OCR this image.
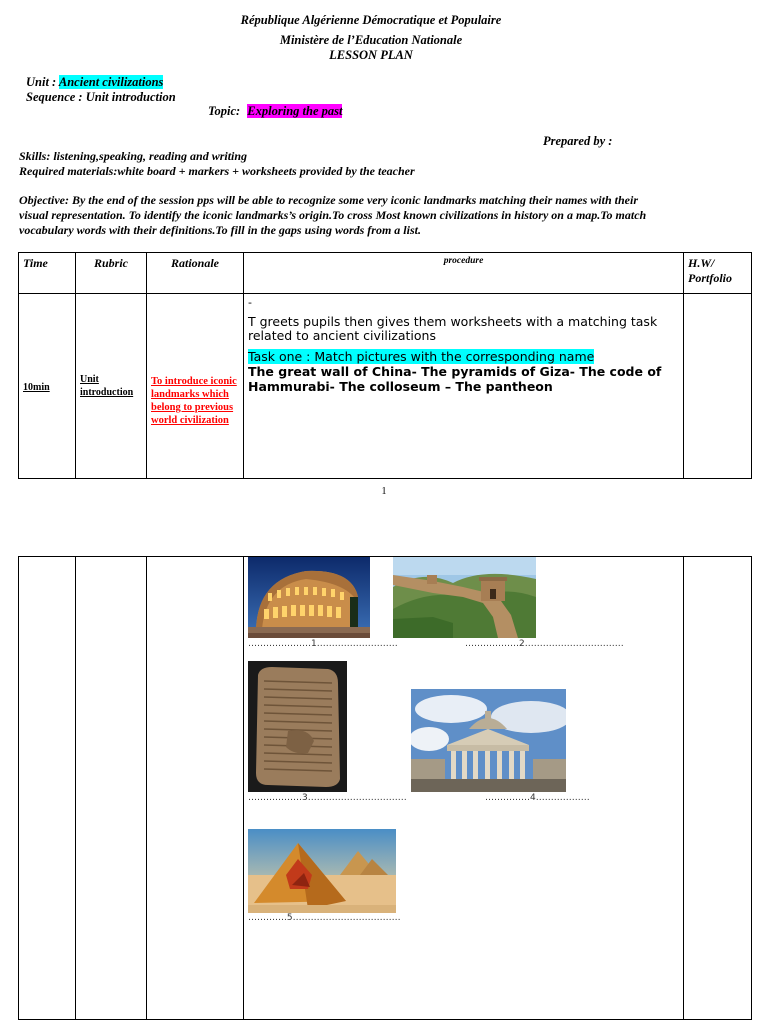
République Algérienne Démocratique et Populaire
Ministère de l’Education Nationale
LESSON PLAN
Unit : Ancient civilizations
Sequence : Unit introduction
Topic: Exploring the past
Prepared by :
Skills: listening,speaking, reading and writing
Required materials:white board + markers + worksheets provided by the teacher
Objective: By the end of the session pps will be able to recognize some very iconic landmarks matching their names with their
visual representation. To identify the iconic landmarks’s origin.To cross Most known civilizations in history on a map.To match
vocabulary words with their definitions.To fill in the gaps using words from a list.
Time	Rubric	Rationale	procedure	H.W/ Portfolio
10min	Unit introduction	To introduce iconic landmarks which belong to previous world civilization	-
T greets pupils then gives them worksheets with a matching task related to ancient civilizations
Task one : Match pictures with the corresponding name
The great wall of China- The pyramids of Giza- The code of Hammurabi- The colloseum – The pantheon	

1

…………………1………………………	………………2……………………………
………………3……………………………	……………4………………
………….5………………………………
